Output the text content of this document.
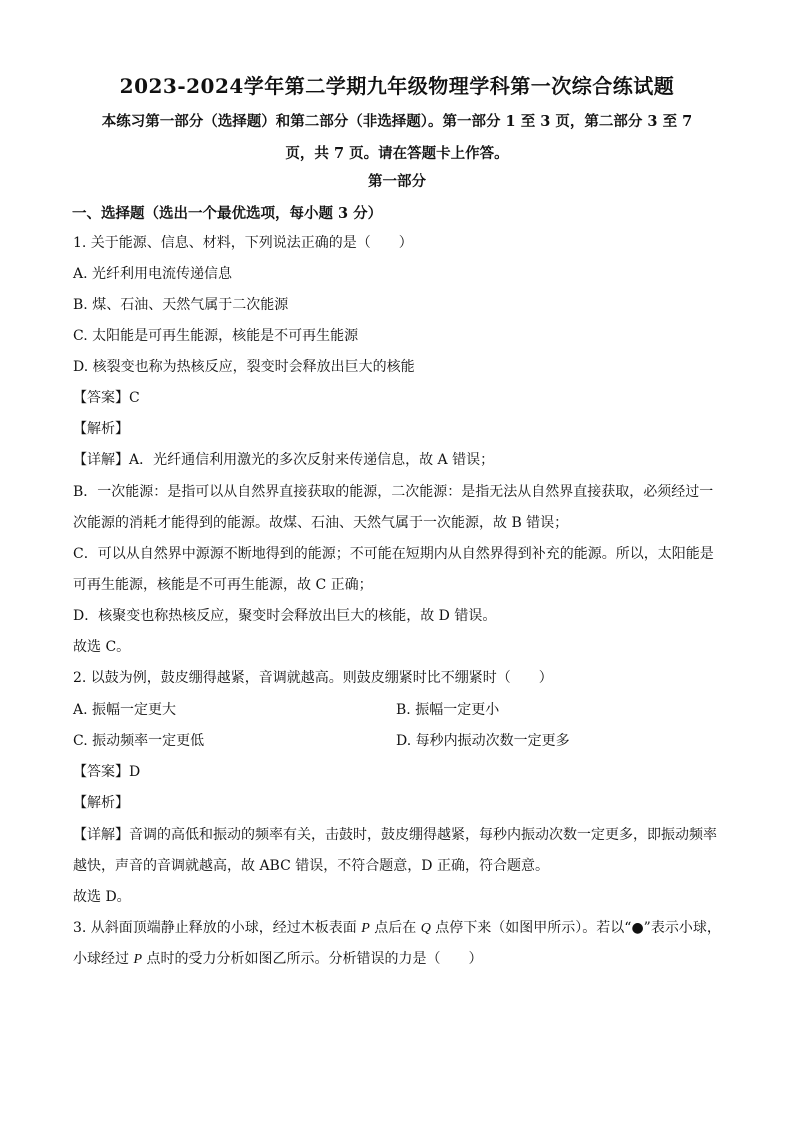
2023-2024学年第二学期九年级物理学科第一次综合练试题
本练习第一部分（选择题）和第二部分（非选择题）。第一部分 1 至 3 页，第二部分 3 至 7
页，共 7 页。请在答题卡上作答。
第一部分
一、选择题（选出一个最优选项，每小题 3 分）
1. 关于能源、信息、材料，下列说法正确的是（　　）
A. 光纤利用电流传递信息
B. 煤、石油、天然气属于二次能源
C. 太阳能是可再生能源，核能是不可再生能源
D. 核裂变也称为热核反应，裂变时会释放出巨大的核能
【答案】C
【解析】
【详解】A．光纤通信利用激光的多次反射来传递信息，故 A 错误；
B．一次能源：是指可以从自然界直接获取的能源，二次能源：是指无法从自然界直接获取，必须经过一
次能源的消耗才能得到的能源。故煤、石油、天然气属于一次能源，故 B 错误；
C．可以从自然界中源源不断地得到的能源；不可能在短期内从自然界得到补充的能源。所以，太阳能是
可再生能源，核能是不可再生能源，故 C 正确；
D．核聚变也称热核反应，聚变时会释放出巨大的核能，故 D 错误。
故选 C。
2. 以鼓为例，鼓皮绷得越紧，音调就越高。则鼓皮绷紧时比不绷紧时（　　）
A. 振幅一定更大	B. 振幅一定更小
C. 振动频率一定更低	D. 每秒内振动次数一定更多
【答案】D
【解析】
【详解】音调的高低和振动的频率有关，击鼓时，鼓皮绷得越紧，每秒内振动次数一定更多，即振动频率
越快，声音的音调就越高，故 ABC 错误，不符合题意，D 正确，符合题意。
故选 D。
3. 从斜面顶端静止释放的小球，经过木板表面 P 点后在 Q 点停下来（如图甲所示）。若以“●”表示小球，
小球经过 P 点时的受力分析如图乙所示。分析错误的力是（　　）
